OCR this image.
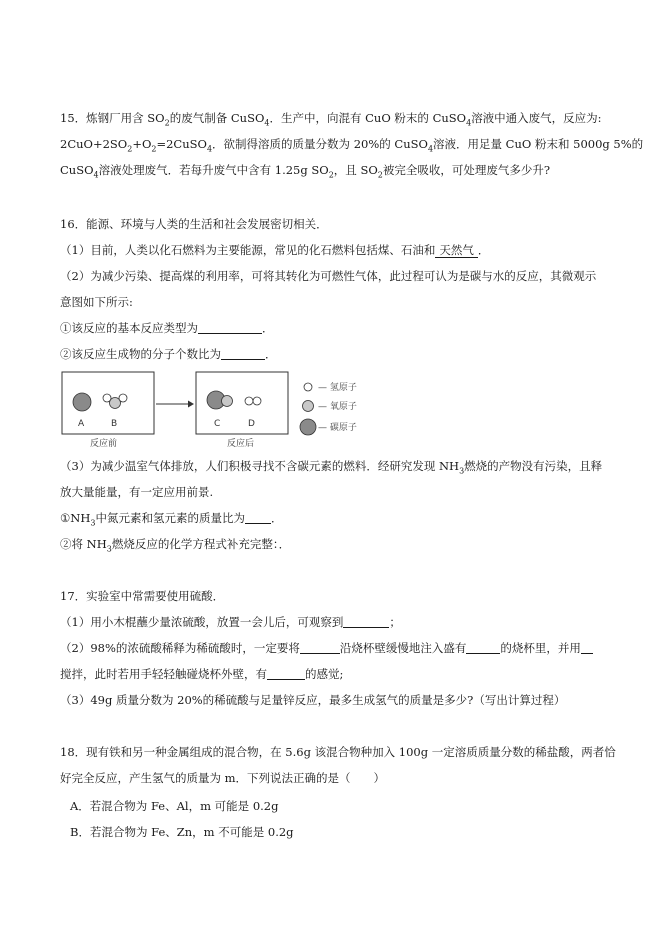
15．炼钢厂用含 $SO_2$的废气制备 CuSO$_4$．生产中，向混有 CuO 粉末的 CuSO$_4$溶液中通入废气，反应为:
$2CuO+2SO_2+O_2=2CuSO_4$．欲制得溶质的质量分数为 20%的 CuSO$_4$溶液．用足量 CuO 粉末和 5000g 5%的
CuSO$_4$溶液处理废气．若每升废气中含有 1.25g $SO_2$，且 $SO_2$被完全吸收，可处理废气多少升?
16．能源、环境与人类的生活和社会发展密切相关．
（1）目前，人类以化石燃料为主要能源，常见的化石燃料包括煤、石油和 天然气 ．
（2）为减少污染、提高煤的利用率，可将其转化为可燃性气体，此过程可认为是碳与水的反应，其微观示
意图如下所示:
①该反应的基本反应类型为	．
②该反应生成物的分子个数比为	．
A	B
反应前
C	D
反应后
— 氢原子
— 氧原子
— 碳原子
（3）为减少温室气体排放，人们积极寻找不含碳元素的燃料．经研究发现 $NH_3$燃烧的产物没有污染，且释
放大量能量，有一定应用前景.
$①NH_3$中氮元素和氢元素的质量比为 ．
②将 $NH_3$燃烧反应的化学方程式补充完整：．
17．实验室中常需要使用硫酸．
（1）用小木棍蘸少量浓硫酸，放置一会儿后，可观察到	；
（2）98%的浓硫酸稀释为稀硫酸时，一定要将	沿烧杯壁缓慢地注入盛有	的烧杯里，并用
搅拌，此时若用手轻轻触碰烧杯外壁，有	的感觉;
（3）49g 质量分数为 20%的稀硫酸与足量锌反应，最多生成氢气的质量是多少?（写出计算过程）
18．现有铁和另一种金属组成的混合物，在 5.6g 该混合物种加入 100g 一定溶质质量分数的稀盐酸，两者恰
好完全反应，产生氢气的质量为 m．下列说法正确的是（　　）
A．若混合物为 Fe、Al，m 可能是 0.2g
B．若混合物为 Fe、Zn，m 不可能是 0.2g
